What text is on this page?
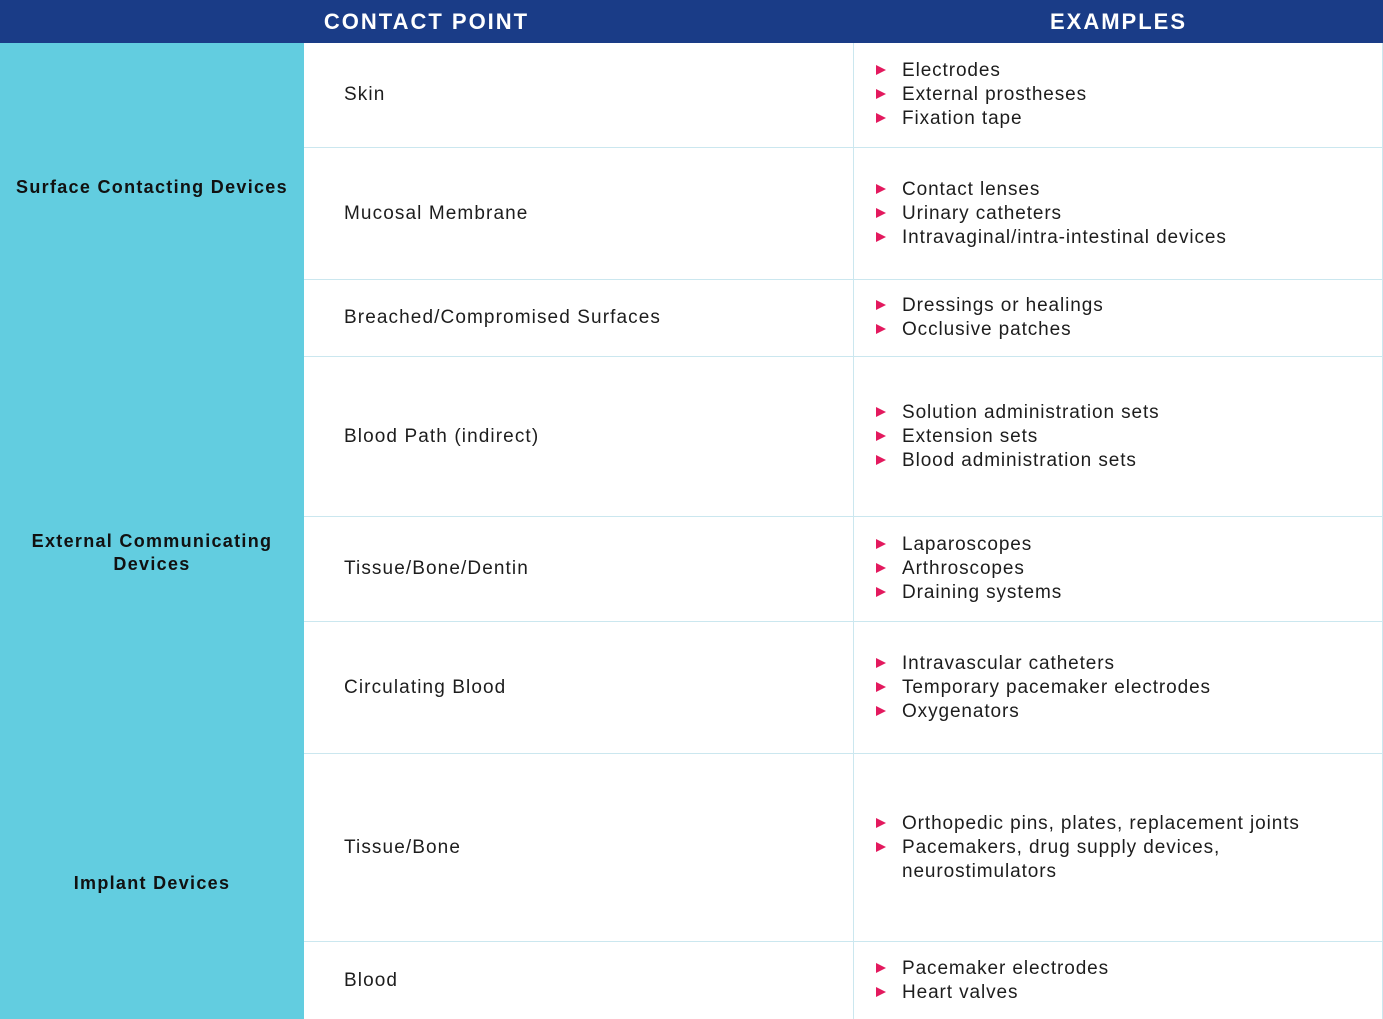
CONTACT POINT	EXAMPLES
Surface Contacting Devices
External Communicating Devices
Implant Devices
Skin
Electrodes
External prostheses
Fixation tape
Mucosal Membrane
Contact lenses
Urinary catheters
Intravaginal/intra-intestinal devices
Breached/Compromised Surfaces
Dressings or healings
Occlusive patches
Blood Path (indirect)
Solution administration sets
Extension sets
Blood administration sets
Tissue/Bone/Dentin
Laparoscopes
Arthroscopes
Draining systems
Circulating Blood
Intravascular catheters
Temporary pacemaker electrodes
Oxygenators
Tissue/Bone
Orthopedic pins, plates, replacement joints
Pacemakers, drug supply devices, neurostimulators
Blood
Pacemaker electrodes
Heart valves
